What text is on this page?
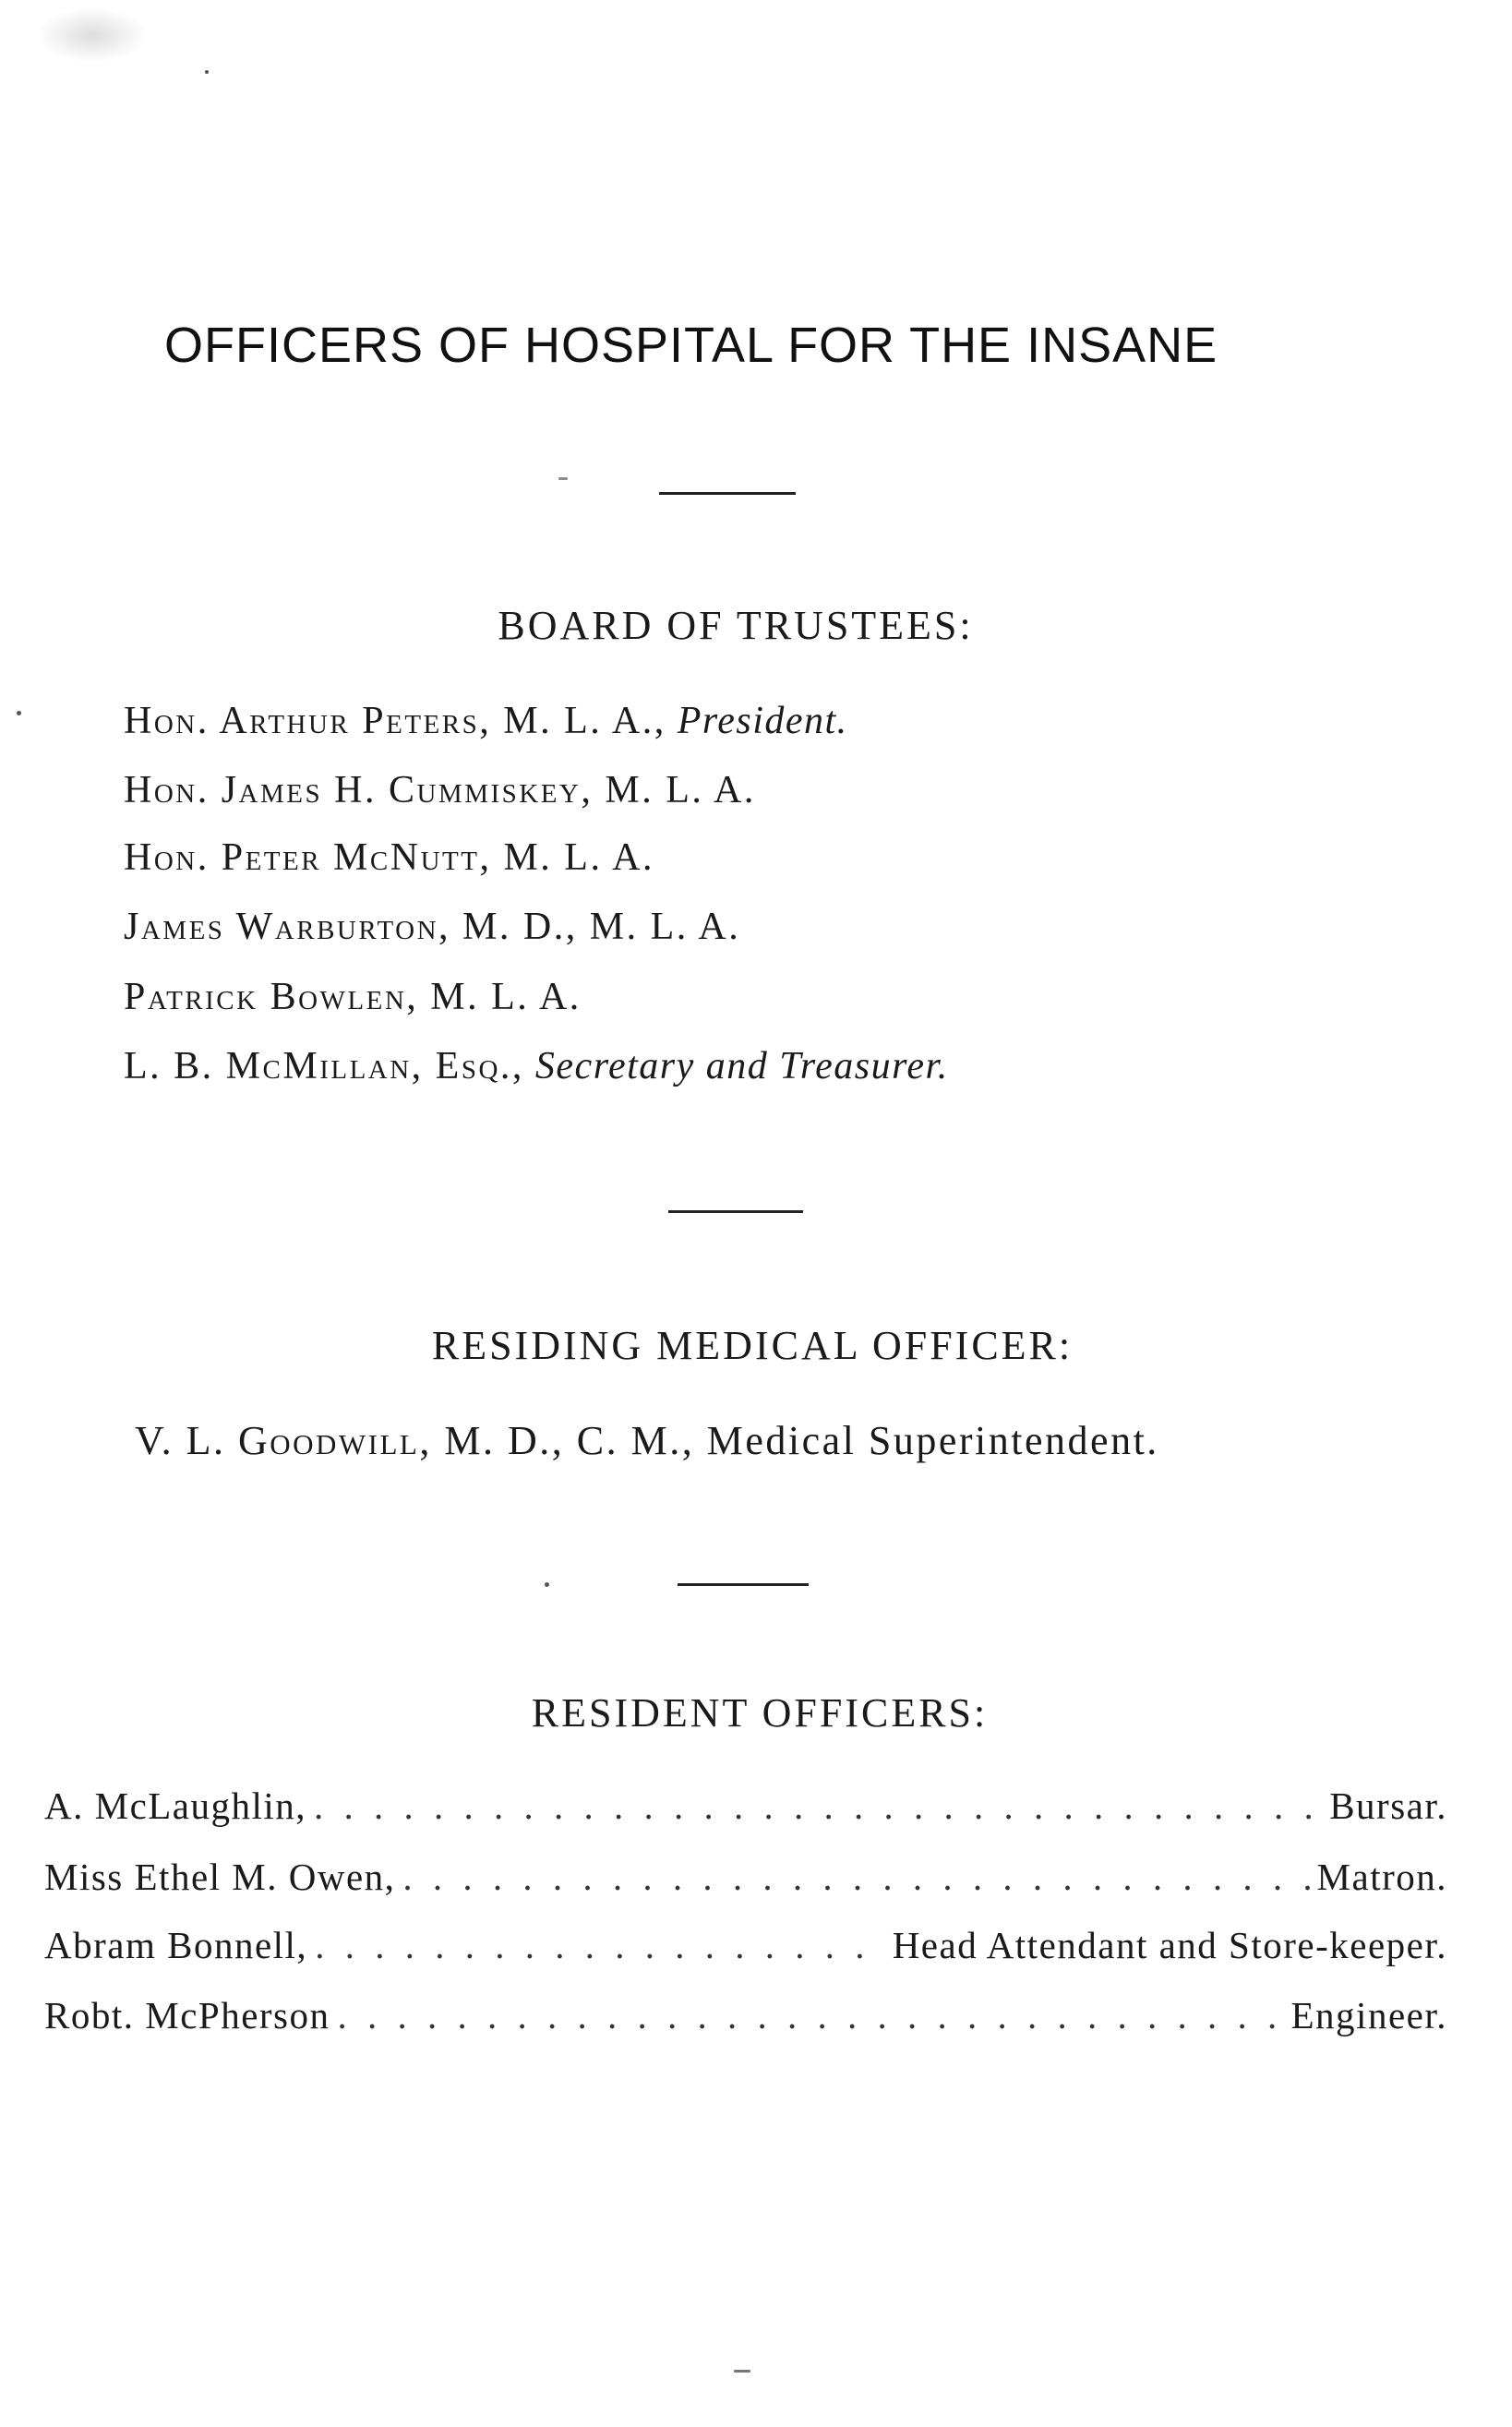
OFFICERS OF HOSPITAL FOR THE INSANE
BOARD OF TRUSTEES:
Hon. Arthur Peters, M. L. A., President.
Hon. James H. Cummiskey, M. L. A.
Hon. Peter McNutt, M. L. A.
James Warburton, M. D., M. L. A.
Patrick Bowlen, M. L. A.
L. B. McMillan, Esq., Secretary and Treasurer.
RESIDING MEDICAL OFFICER:
V. L. Goodwill, M. D., C. M., Medical Superintendent.
RESIDENT OFFICERS:
A. McLaughlin, . . .	Bursar.
Miss Ethel M. Owen, . . .	Matron.
Abram Bonnell, . . .	Head Attendant and Store-keeper.
Robt. McPherson . . .	Engineer.
